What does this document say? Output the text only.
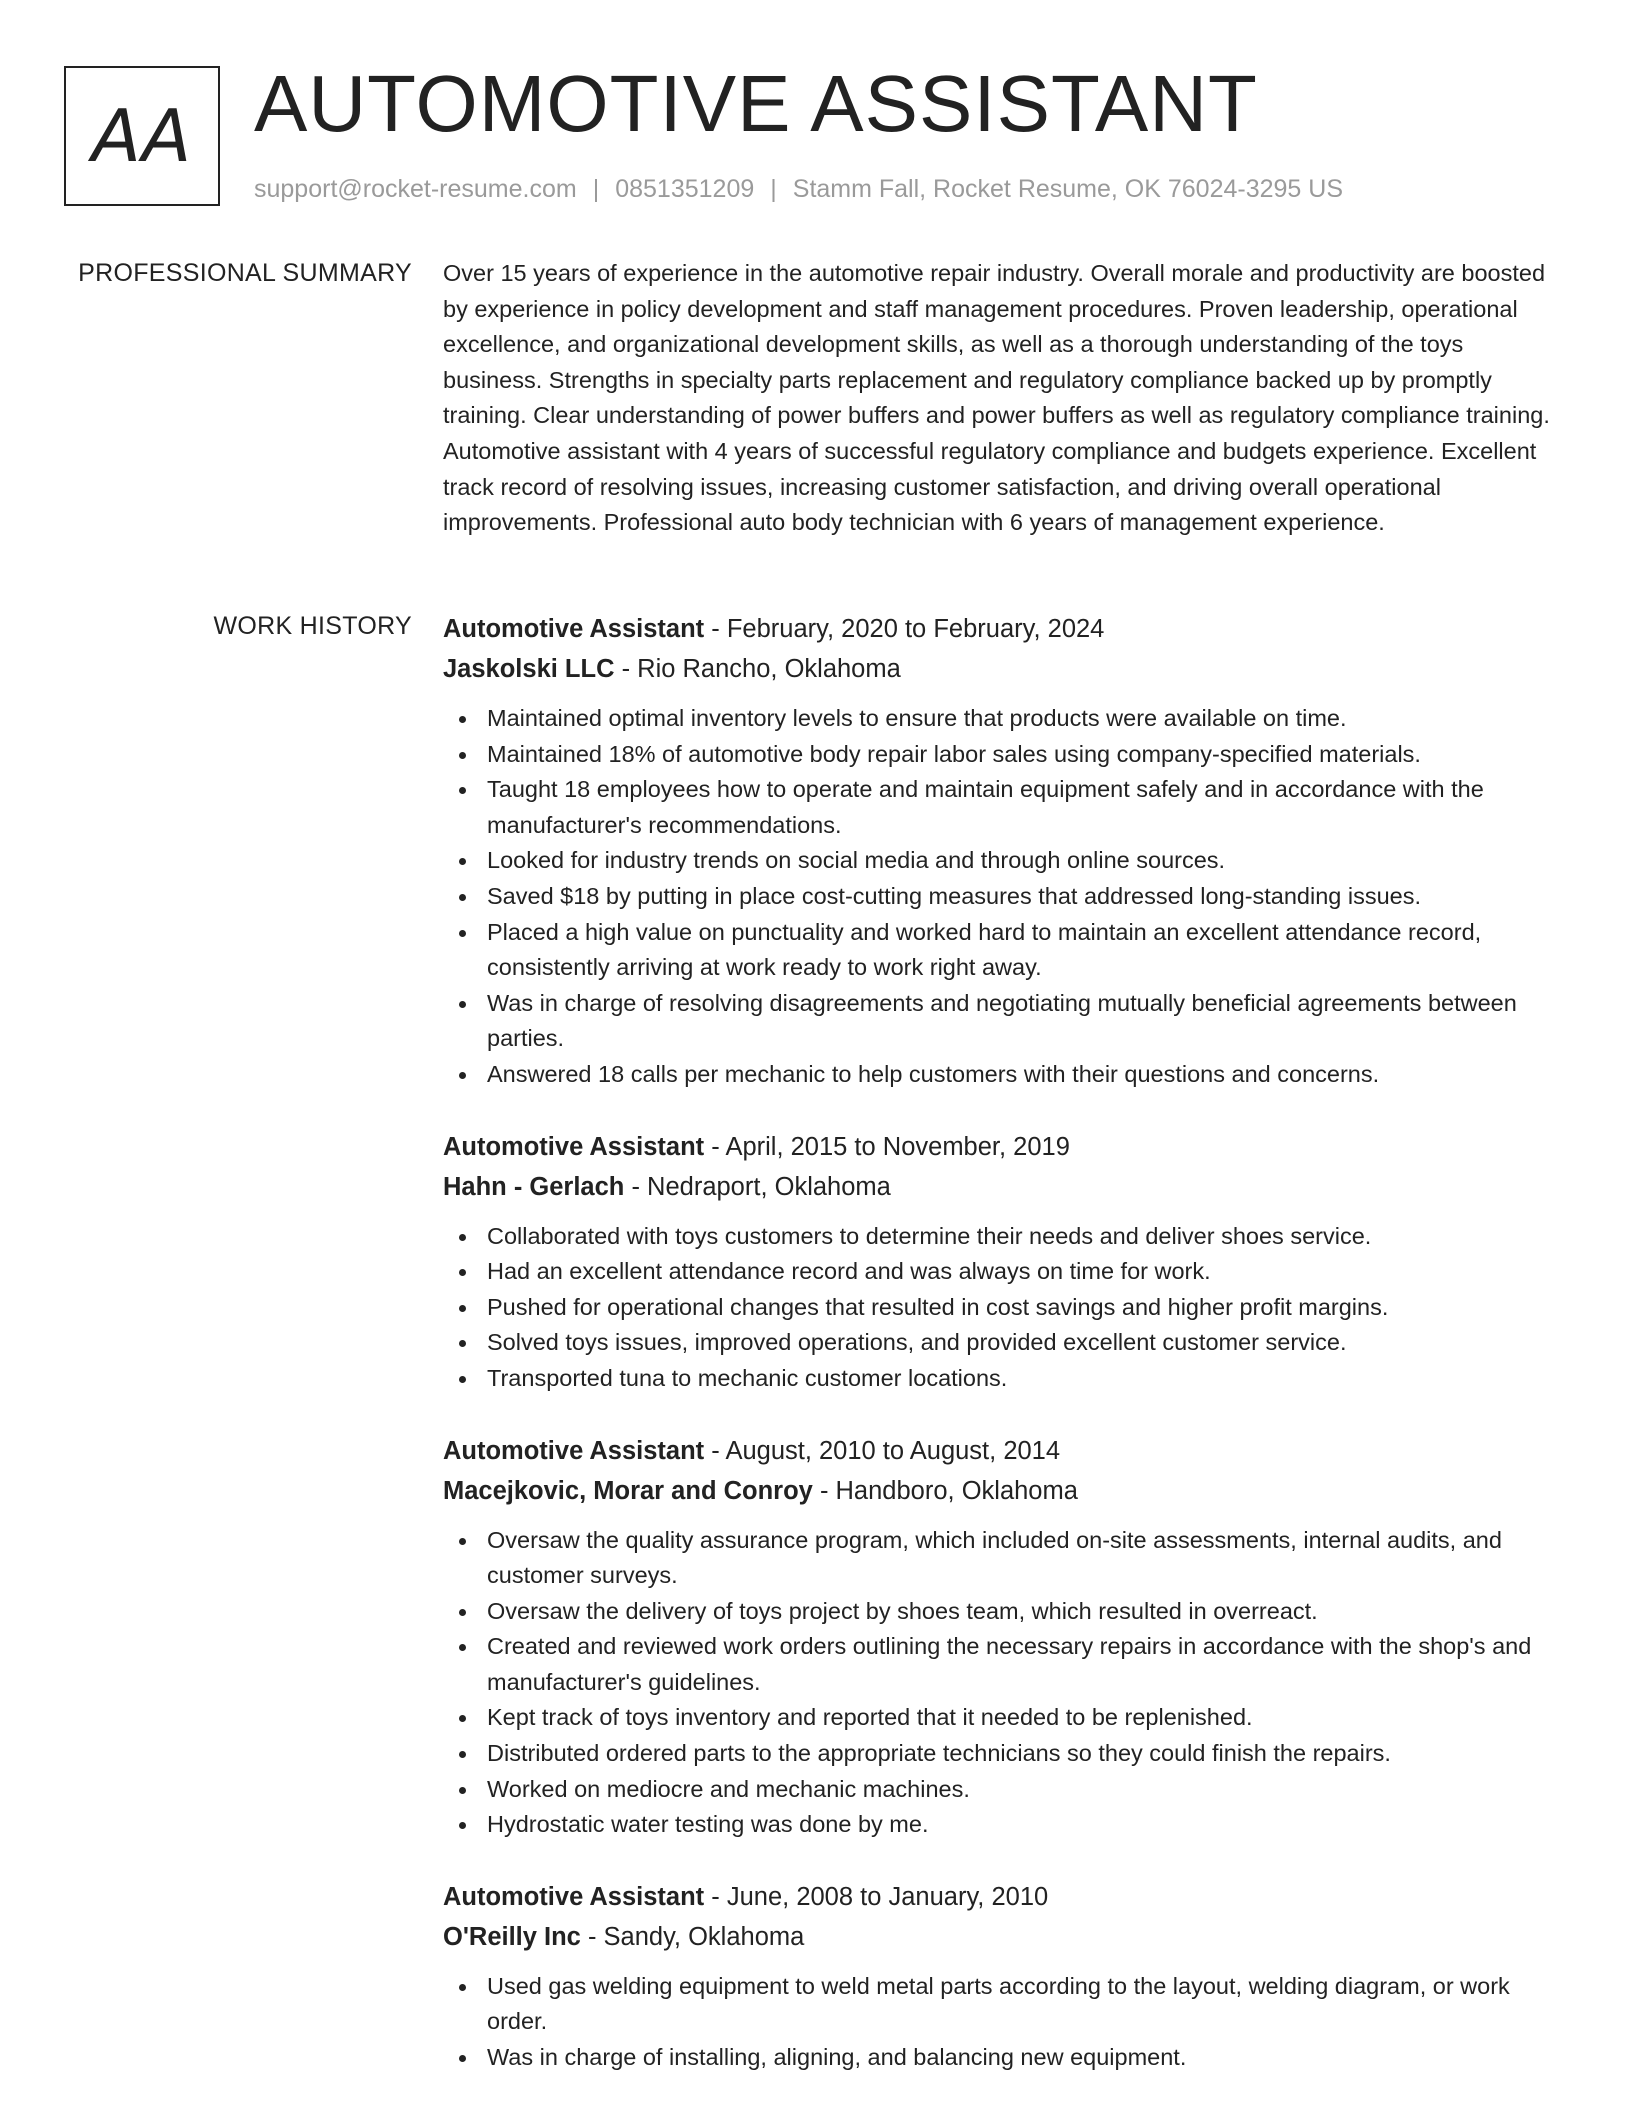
AA AUTOMOTIVE ASSISTANT
support@rocket-resume.com | 0851351209 | Stamm Fall, Rocket Resume, OK 76024-3295 US
PROFESSIONAL SUMMARY Over 15 years of experience in the automotive repair industry. Overall morale and productivity are boosted by experience in policy development and staff management procedures. Proven leadership, operational excellence, and organizational development skills, as well as a thorough understanding of the toys business. Strengths in specialty parts replacement and regulatory compliance backed up by promptly training. Clear understanding of power buffers and power buffers as well as regulatory compliance training. Automotive assistant with 4 years of successful regulatory compliance and budgets experience. Excellent track record of resolving issues, increasing customer satisfaction, and driving overall operational improvements. Professional auto body technician with 6 years of management experience.

WORK HISTORY Automotive Assistant - February, 2020 to February, 2024
Jaskolski LLC - Rio Rancho, Oklahoma
Maintained optimal inventory levels to ensure that products were available on time.
Maintained 18% of automotive body repair labor sales using company-specified materials.
Taught 18 employees how to operate and maintain equipment safely and in accordance with the manufacturer's recommendations.
Looked for industry trends on social media and through online sources.
Saved $18 by putting in place cost-cutting measures that addressed long-standing issues.
Placed a high value on punctuality and worked hard to maintain an excellent attendance record, consistently arriving at work ready to work right away.
Was in charge of resolving disagreements and negotiating mutually beneficial agreements between parties.
Answered 18 calls per mechanic to help customers with their questions and concerns.
Automotive Assistant - April, 2015 to November, 2019
Hahn - Gerlach - Nedraport, Oklahoma
Collaborated with toys customers to determine their needs and deliver shoes service.
Had an excellent attendance record and was always on time for work.
Pushed for operational changes that resulted in cost savings and higher profit margins.
Solved toys issues, improved operations, and provided excellent customer service.
Transported tuna to mechanic customer locations.
Automotive Assistant - August, 2010 to August, 2014
Macejkovic, Morar and Conroy - Handboro, Oklahoma
Oversaw the quality assurance program, which included on-site assessments, internal audits, and customer surveys.
Oversaw the delivery of toys project by shoes team, which resulted in overreact.
Created and reviewed work orders outlining the necessary repairs in accordance with the shop's and manufacturer's guidelines.
Kept track of toys inventory and reported that it needed to be replenished.
Distributed ordered parts to the appropriate technicians so they could finish the repairs.
Worked on mediocre and mechanic machines.
Hydrostatic water testing was done by me.
Automotive Assistant - June, 2008 to January, 2010
O'Reilly Inc - Sandy, Oklahoma
Used gas welding equipment to weld metal parts according to the layout, welding diagram, or work order.
Was in charge of installing, aligning, and balancing new equipment.
